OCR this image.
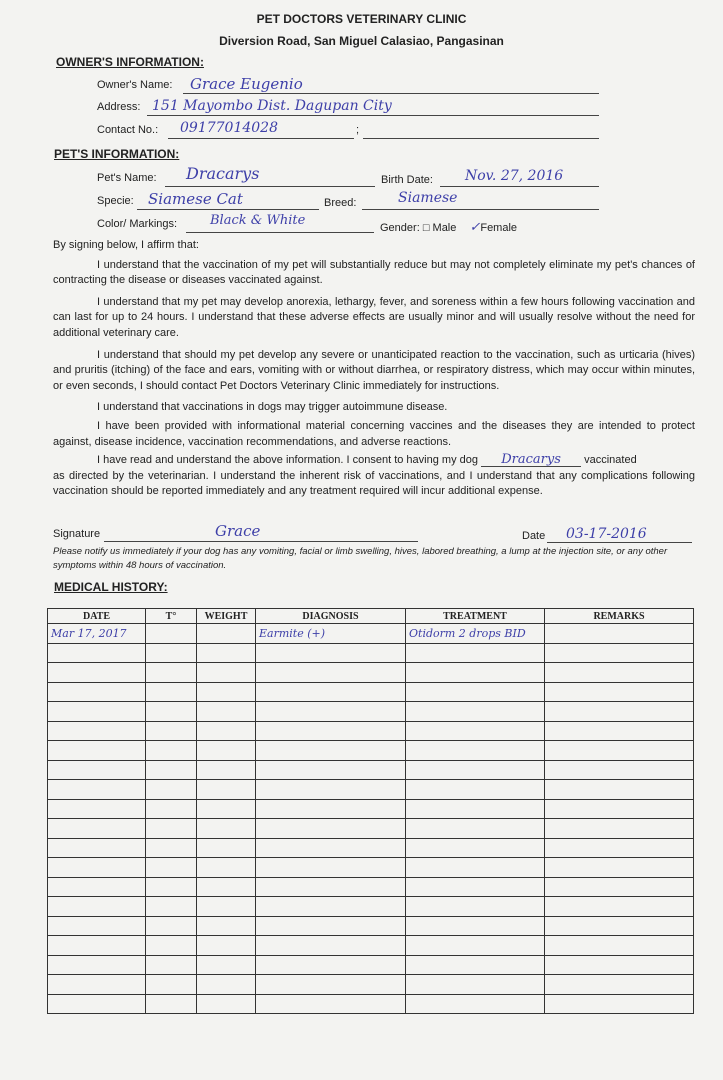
PET DOCTORS VETERINARY CLINIC
Diversion Road, San Miguel Calasiao, Pangasinan
OWNER'S INFORMATION:
Owner's Name: Grace Eugenio
Address: 151 Mayombo Dist. Dagupan City
Contact No.:	;
09177014028
PET'S INFORMATION:
Pet's Name: Dracarys	Birth Date: Nov. 27, 2016
Specie: Siamese Cat	Breed:	Siamese
Color/ Markings:	Black & White	Gender: □ Male ✓Female

By signing below, I affirm that:

I understand that the vaccination of my pet will substantially reduce but may not completely eliminate my pet's chances of contracting the disease or diseases vaccinated against.

I understand that my pet may develop anorexia, lethargy, fever, and soreness within a few hours following vaccination and can last for up to 24 hours. I understand that these adverse effects are usually minor and will usually resolve without the need for additional veterinary care.

I understand that should my pet develop any severe or unanticipated reaction to the vaccination, such as urticaria (hives) and pruritis (itching) of the face and ears, vomiting with or without diarrhea, or respiratory distress, which may occur within minutes, or even seconds, I should contact Pet Doctors Veterinary Clinic immediately for instructions.

I understand that vaccinations in dogs may trigger autoimmune disease.

I have been provided with informational material concerning vaccines and the diseases they are intended to protect against, disease incidence, vaccination recommendations, and adverse reactions.

I have read and understand the above information. I consent to having my dog Dracarys vaccinated

as directed by the veterinarian. I understand the inherent risk of vaccinations, and I understand that any complications following vaccination should be reported immediately and any treatment required will incur additional expense.

Signature	Grace	Date 03-17-2016
Please notify us immediately if your dog has any vomiting, facial or limb swelling, hives, labored breathing, a lump at the injection site, or any other symptoms within 48 hours of vaccination.
MEDICAL HISTORY:
DATE	T°	WEIGHT	DIAGNOSIS	TREATMENT	REMARKS
Mar 17, 2017			Earmite (+)	Otidorm 2 drops BID	
